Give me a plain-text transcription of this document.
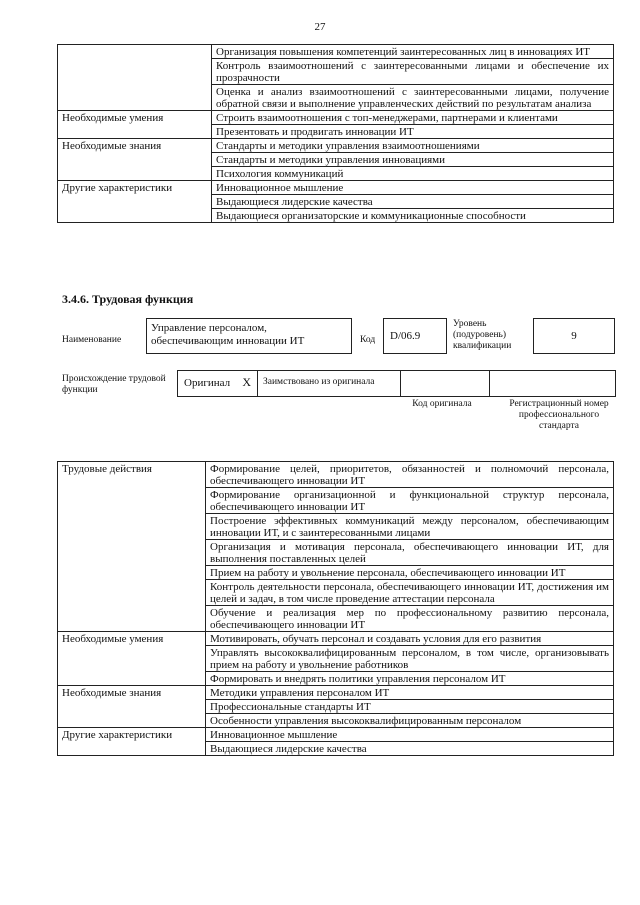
27
	Организация повышения компетенций заинтересованных лиц в инновациях ИТ
	Контроль взаимоотношений с заинтересованными лицами и обеспечение их прозрачности
	Оценка и анализ взаимоотношений с заинтересованными лицами, получение обратной связи и выполнение управленческих действий по результатам анализа
Необходимые умения	Строить взаимоотношения с топ-менеджерами, партнерами и клиентами
	Презентовать и продвигать инновации ИТ
Необходимые знания	Стандарты и методики управления взаимоотношениями
	Стандарты и методики управления инновациями
	Психология коммуникаций
Другие характеристики	Инновационное мышление
	Выдающиеся лидерские качества
	Выдающиеся организаторские и коммуникационные способности
3.4.6. Трудовая функция
Наименование
Управление персоналом, обеспечивающим инновации ИТ	Код	D/06.9
Уровень (подуровень) квалификации
9
Происхождение трудовой функции
Оригинал X	Заимствовано из оригинала
Код оригинала	Регистрационный номер профессионального стандарта
Трудовые действия	Формирование целей, приоритетов, обязанностей и полномочий персонала, обеспечивающего инновации ИТ
	Формирование организационной и функциональной структур персонала, обеспечивающего инновации ИТ
	Построение эффективных коммуникаций между персоналом, обеспечивающим инновации ИТ, и с заинтересованными лицами
	Организация и мотивация персонала, обеспечивающего инновации ИТ, для выполнения поставленных целей
	Прием на работу и увольнение персонала, обеспечивающего инновации ИТ
	Контроль деятельности персонала, обеспечивающего инновации ИТ, достижения им целей и задач, в том числе проведение аттестации персонала
	Обучение и реализация мер по профессиональному развитию персонала, обеспечивающего инновации ИТ
Необходимые умения	Мотивировать, обучать персонал и создавать условия для его развития
	Управлять высококвалифицированным персоналом, в том числе, организовывать прием на работу и увольнение работников
	Формировать и внедрять политики управления персоналом ИТ
Необходимые знания	Методики управления персоналом ИТ
	Профессиональные стандарты ИТ
	Особенности управления высококвалифицированным персоналом
Другие характеристики	Инновационное мышление
	Выдающиеся лидерские качества
